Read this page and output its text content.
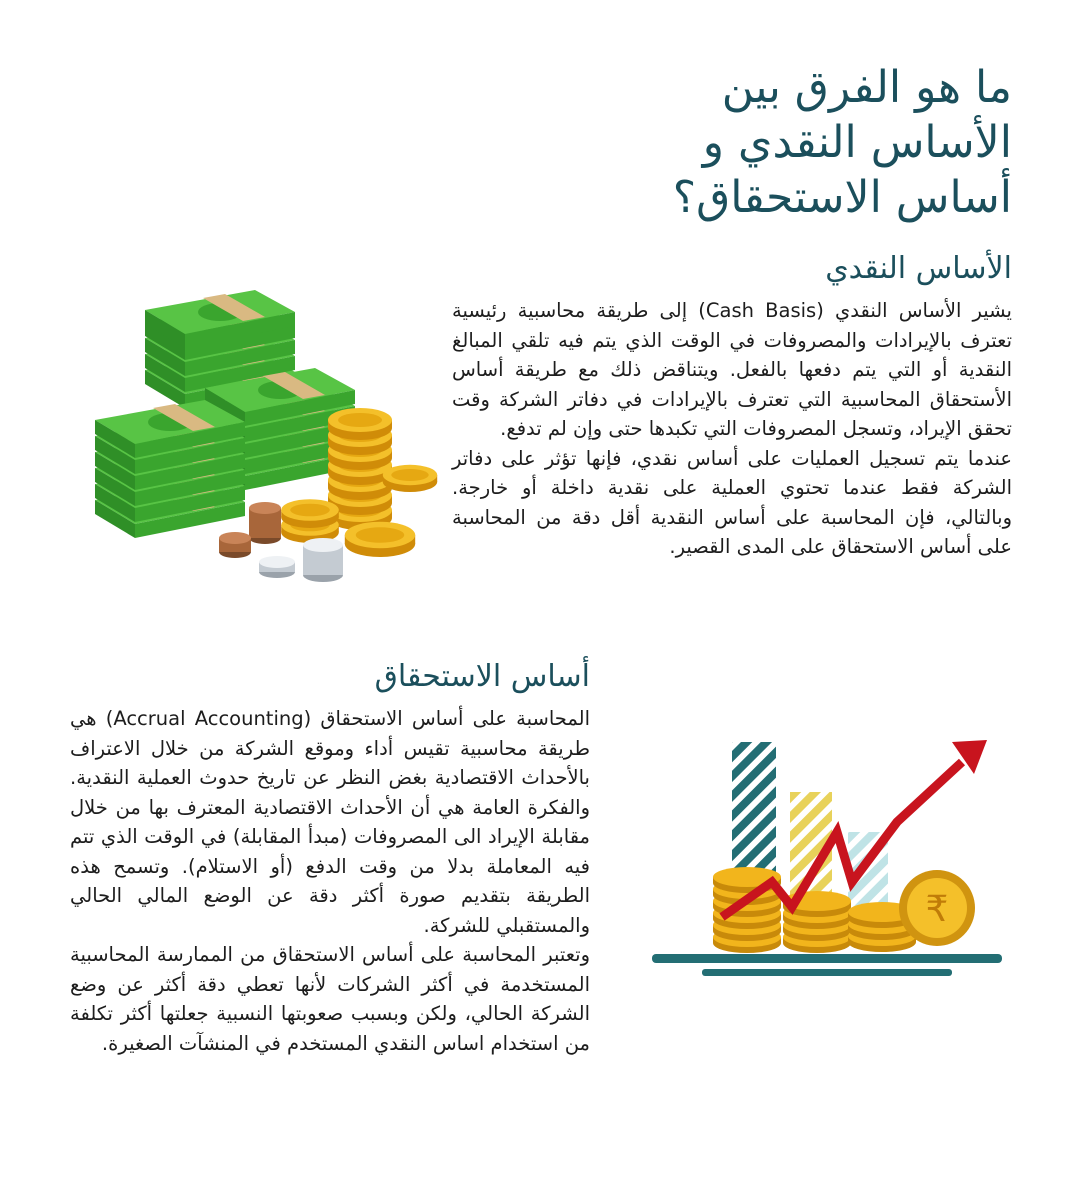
ما هو الفرق بين
الأساس النقدي و
أساس الاستحقاق؟
الأساس النقدي

يشير الأساس النقدي (Cash Basis) إلى طريقة محاسبية رئيسية تعترف بالإيرادات والمصروفات في الوقت الذي يتم فيه تلقي المبالغ النقدية أو التي يتم دفعها بالفعل. ويتناقض ذلك مع طريقة أساس الأستحقاق المحاسبية التي تعترف بالإيرادات في دفاتر الشركة وقت تحقق الإيراد، وتسجل المصروفات التي تكبدها حتى وإن لم تدفع.

عندما يتم تسجيل العمليات على أساس نقدي، فإنها تؤثر على دفاتر الشركة فقط عندما تحتوي العملية على نقدية داخلة أو خارجة. وبالتالي، فإن المحاسبة على أساس النقدية أقل دقة من المحاسبة على أساس الاستحقاق على المدى القصير.

أساس الاستحقاق

المحاسبة على أساس الاستحقاق (Accrual Accounting) هي طريقة محاسبية تقيس أداء وموقع الشركة من خلال الاعتراف بالأحداث الاقتصادية بغض النظر عن تاريخ حدوث العملية النقدية. والفكرة العامة هي أن الأحداث الاقتصادية المعترف بها من خلال مقابلة الإيراد الى المصروفات (مبدأ المقابلة) في الوقت الذي تتم فيه المعاملة بدلا من وقت الدفع (أو الاستلام). وتسمح هذه الطريقة بتقديم صورة أكثر دقة عن الوضع المالي الحالي والمستقبلي للشركة.

وتعتبر المحاسبة على أساس الاستحقاق من الممارسة المحاسبية المستخدمة في أكثر الشركات لأنها تعطي دقة أكثر عن وضع الشركة الحالي، ولكن وبسبب صعوبتها النسبية جعلتها أكثر تكلفة من استخدام اساس النقدي المستخدم في المنشآت الصغيرة.

₹
